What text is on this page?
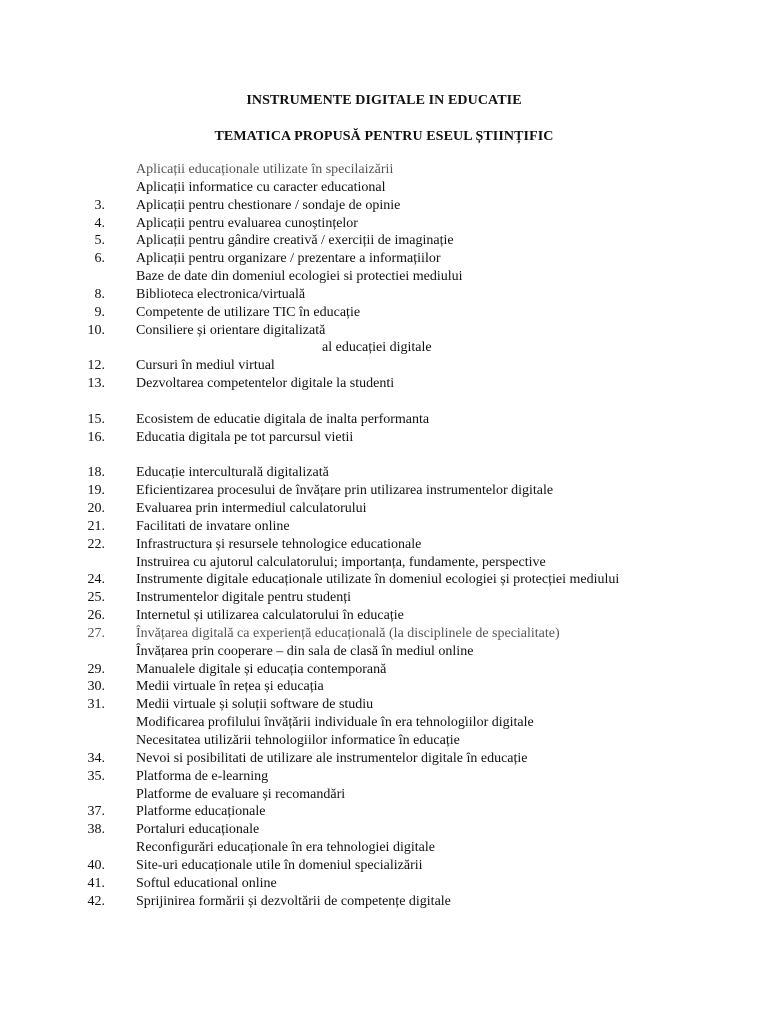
INSTRUMENTE DIGITALE IN EDUCATIE
TEMATICA PROPUSĂ PENTRU ESEUL ȘTIINȚIFIC
Aplicații educaționale utilizate în specilaizării
Aplicații informatice cu caracter educational
3. Aplicații pentru chestionare / sondaje de opinie
4. Aplicații pentru evaluarea cunoștințelor
5. Aplicații pentru gândire creativă / exerciții de imaginație
6. Aplicații pentru organizare / prezentare a informațiilor
Baze de date din domeniul ecologiei si protectiei mediului
8. Biblioteca electronica/virtuală
9. Competente de utilizare TIC în educație
10. Consiliere și orientare digitalizată
al educației digitale
12. Cursuri în mediul virtual
13. Dezvoltarea competentelor digitale la studenti
15. Ecosistem de educatie digitala de inalta performanta
16. Educatia digitala pe tot parcursul vietii
18. Educație interculturală digitalizată
19. Eficientizarea procesului de învățare prin utilizarea instrumentelor digitale
20. Evaluarea prin intermediul calculatorului
21. Facilitati de invatare online
22. Infrastructura și resursele tehnologice educationale
Instruirea cu ajutorul calculatorului; importanța, fundamente, perspective
24. Instrumente digitale educaționale utilizate în domeniul ecologiei și protecției mediului
25. Instrumentelor digitale pentru studenți
26. Internetul și utilizarea calculatorului în educație
27. Învățarea digitală ca experiență educațională (la disciplinele de specialitate)
Învățarea prin cooperare – din sala de clasă în mediul online
29. Manualele digitale și educația contemporană
30. Medii virtuale în rețea și educația
31. Medii virtuale și soluții software de studiu
Modificarea profilului învățării individuale în era tehnologiilor digitale
Necesitatea utilizării tehnologiilor informatice în educație
34. Nevoi si posibilitati de utilizare ale instrumentelor digitale în educație
35. Platforma de e-learning
Platforme de evaluare și recomandări
37. Platforme educaționale
38. Portaluri educaționale
Reconfigurări educaționale în era tehnologiei digitale
40. Site-uri educaționale utile în domeniul specializării
41. Softul educational online
42. Sprijinirea formării și dezvoltării de competențe digitale
